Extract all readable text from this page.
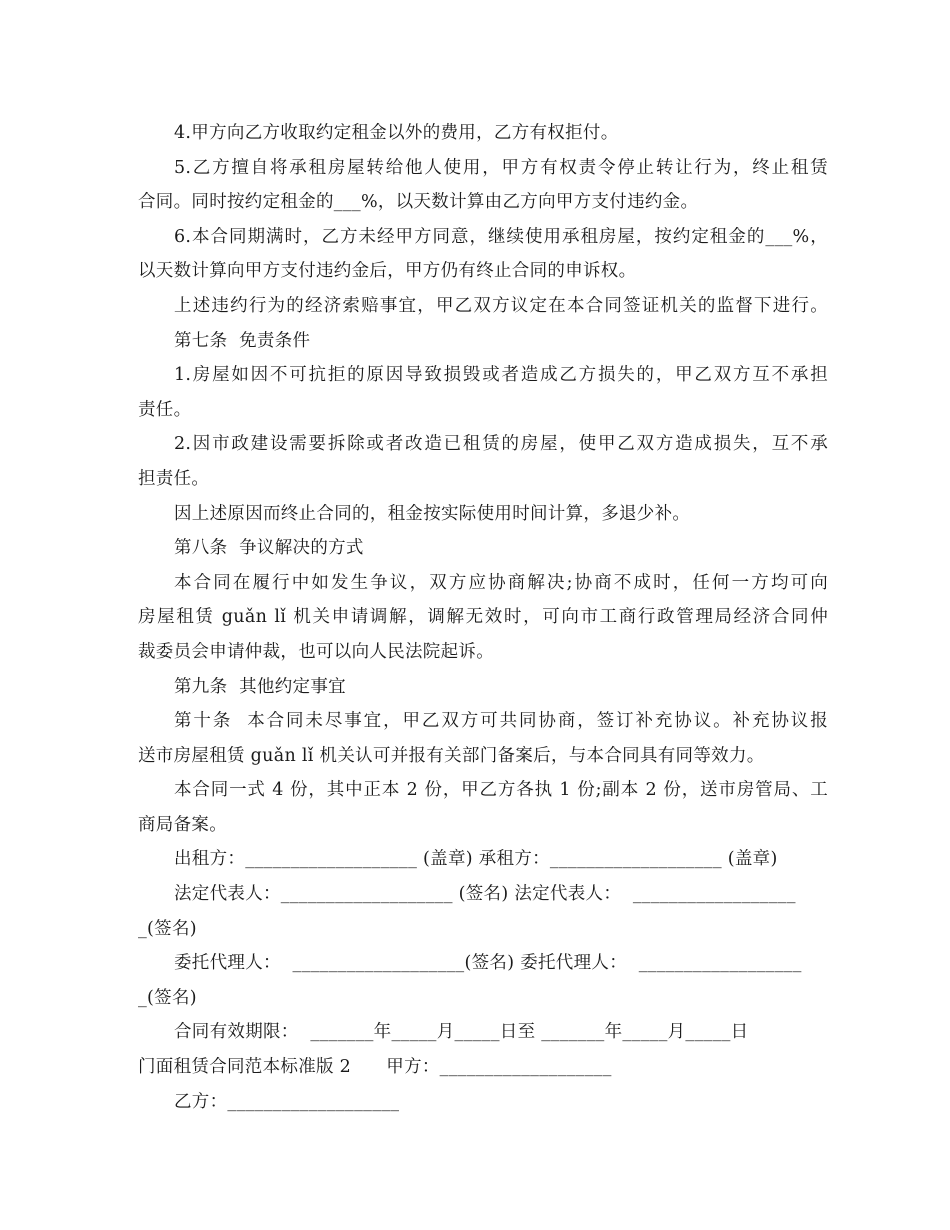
4.甲方向乙方收取约定租金以外的费用，乙方有权拒付。
5.乙方擅自将承租房屋转给他人使用，甲方有权责令停止转让行为，终止租赁
合同。同时按约定租金的___%，以天数计算由乙方向甲方支付违约金。
6.本合同期满时，乙方未经甲方同意，继续使用承租房屋，按约定租金的___%，
以天数计算向甲方支付违约金后，甲方仍有终止合同的申诉权。
上述违约行为的经济索赔事宜，甲乙双方议定在本合同签证机关的监督下进行。
第七条  免责条件
1.房屋如因不可抗拒的原因导致损毁或者造成乙方损失的，甲乙双方互不承担
责任。
2.因市政建设需要拆除或者改造已租赁的房屋，使甲乙双方造成损失，互不承
担责任。
因上述原因而终止合同的，租金按实际使用时间计算，多退少补。
第八条  争议解决的方式
本合同在履行中如发生争议，双方应协商解决;协商不成时，任何一方均可向
房屋租赁 guǎn lǐ 机关申请调解，调解无效时，可向市工商行政管理局经济合同仲
裁委员会申请仲裁，也可以向人民法院起诉。
第九条  其他约定事宜
第十条  本合同未尽事宜，甲乙双方可共同协商，签订补充协议。补充协议报
送市房屋租赁 guǎn lǐ 机关认可并报有关部门备案后，与本合同具有同等效力。
本合同一式 4 份，其中正本 2 份，甲乙方各执 1 份;副本 2 份，送市房管局、工
商局备案。
出租方：___________________ (盖章) 承租方：___________________ (盖章)
法定代表人：___________________ (签名) 法定代表人：  __________________
_(签名)
委托代理人：  ___________________(签名) 委托代理人：  __________________
_(签名)
合同有效期限：  _______年_____月_____日至 _______年_____月_____日
门面租赁合同范本标准版 2      甲方：___________________
乙方：___________________
